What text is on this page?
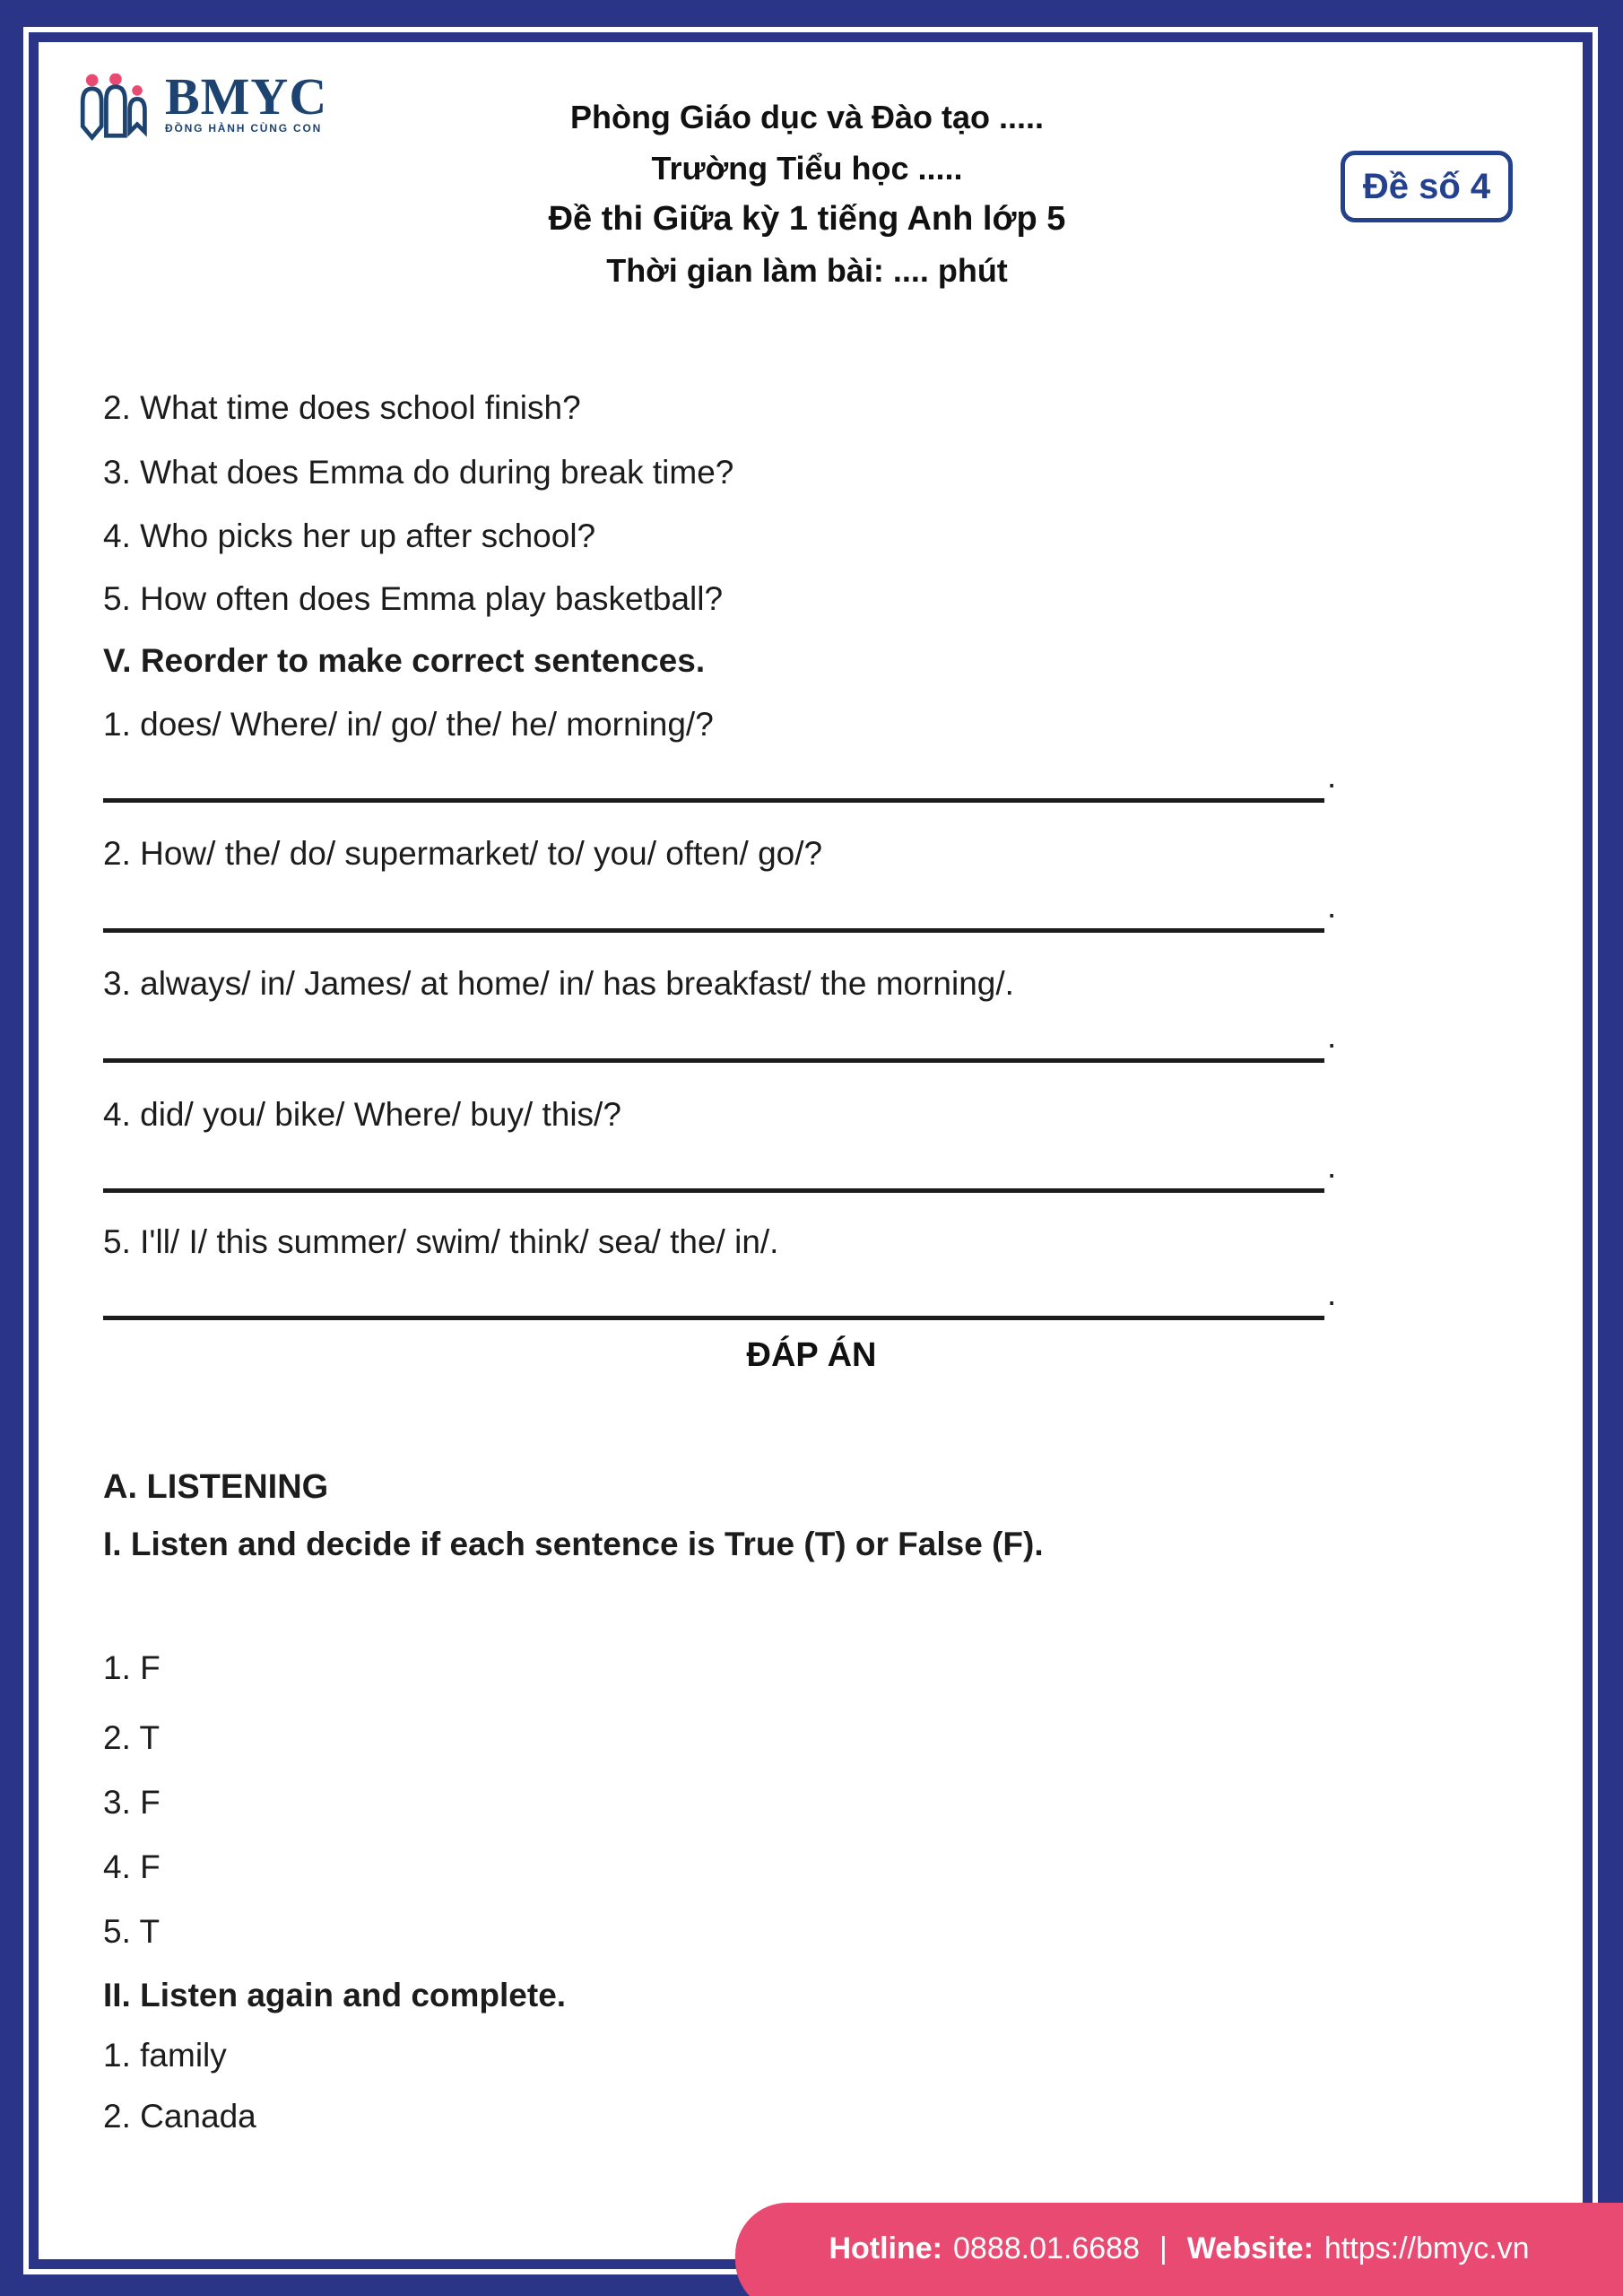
BMYC
ĐỒNG HÀNH CÙNG CON	Phòng Giáo dục và Đào tạo .....
Trường Tiểu học .....
Đề thi Giữa kỳ 1 tiếng Anh lớp 5
Thời gian làm bài: .... phút
Đề số 4
2. What time does school finish?
3. What does Emma do during break time?
4. Who picks her up after school?
5. How often does Emma play basketball?
V. Reorder to make correct sentences.
1. does/ Where/ in/ go/ the/ he/ morning/?
.
2. How/ the/ do/ supermarket/ to/ you/ often/ go/?
.
3. always/ in/ James/ at home/ in/ has breakfast/ the morning/.
.
4. did/ you/ bike/ Where/ buy/ this/?
.
5. I'll/ I/ this summer/ swim/ think/ sea/ the/ in/.
.
ĐÁP ÁN
A. LISTENING
I. Listen and decide if each sentence is True (T) or False (F).
1. F
2. T
3. F
4. F
5. T
II. Listen again and complete.
1. family
2. Canada
Hotline: 0888.01.6688 | Website: https://bmyc.vn
